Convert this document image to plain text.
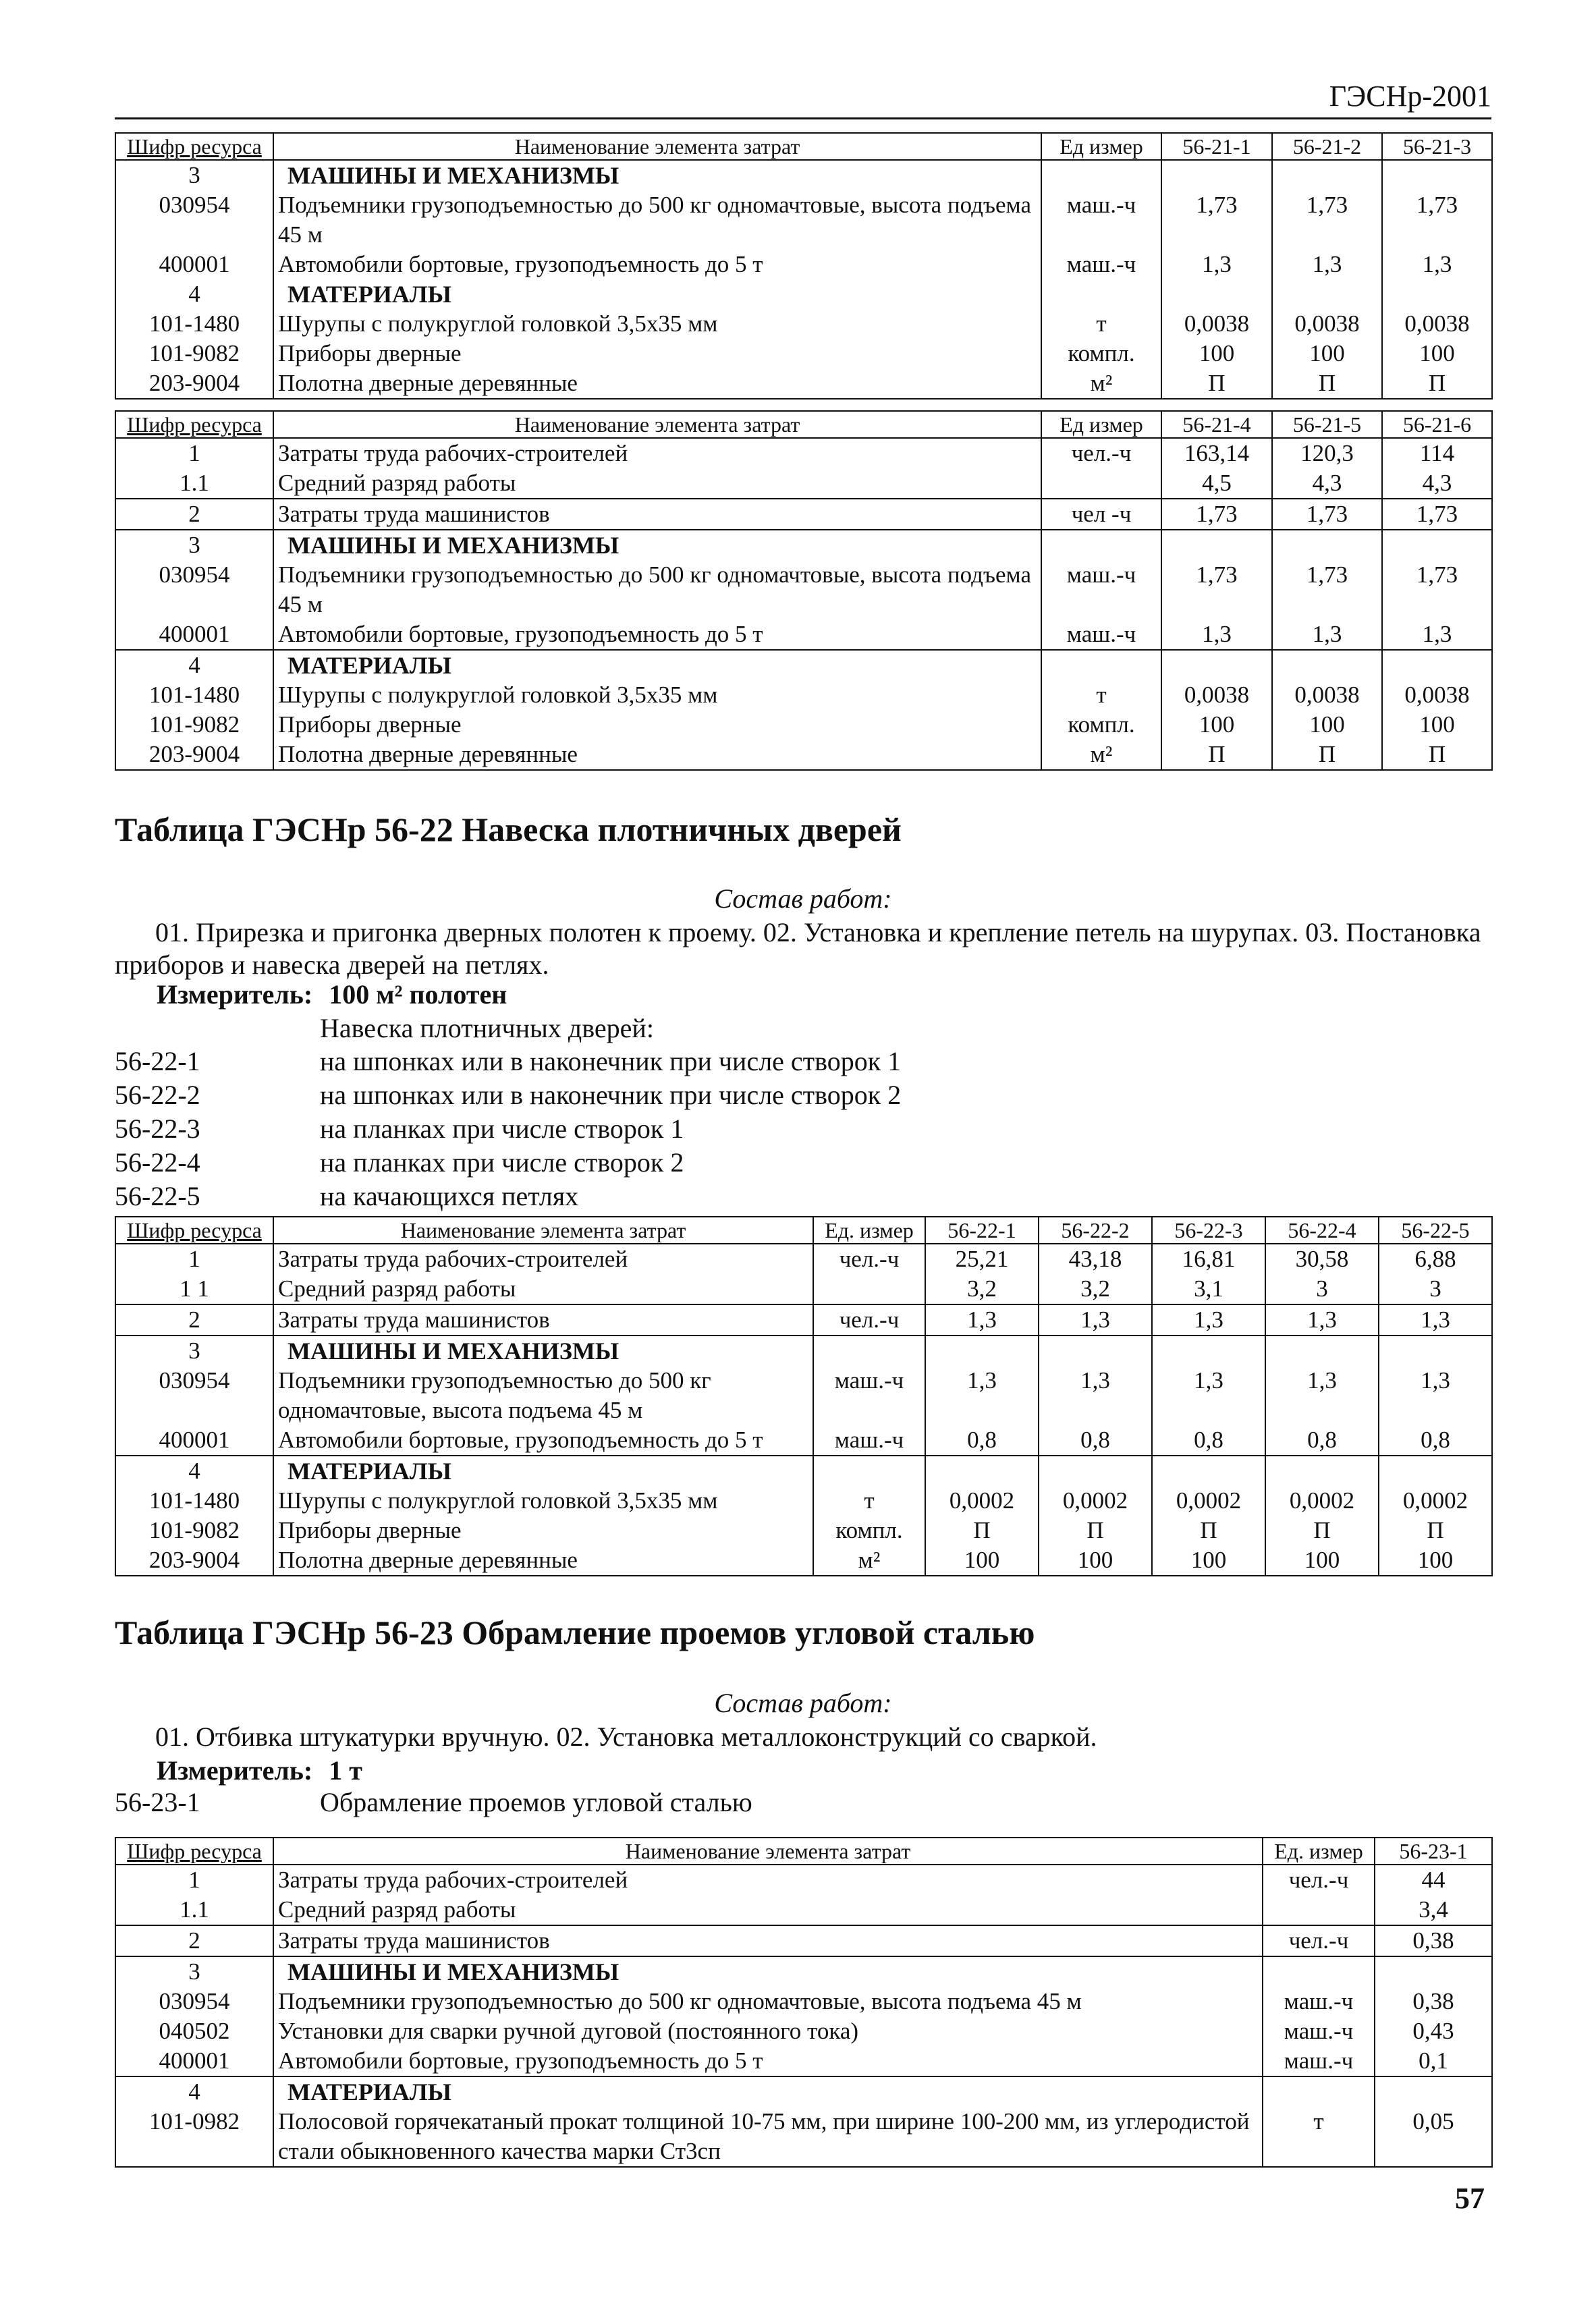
ГЭСНр-2001
Шифр ресурса	Наименование элемента затрат	Ед измер	56-21-1	56-21-2	56-21-3
3	МАШИНЫ И МЕХАНИЗМЫ				
030954	Подъемники грузоподъемностью до 500 кг одномачтовые, высота подъема 45 м	маш.-ч	1,73	1,73	1,73
400001	Автомобили бортовые, грузоподъемность до 5 т	маш.-ч	1,3	1,3	1,3
4	МАТЕРИАЛЫ				
101-1480	Шурупы с полукруглой головкой 3,5х35 мм	т	0,0038	0,0038	0,0038
101-9082	Приборы дверные	компл.	100	100	100
203-9004	Полотна дверные деревянные	м²	П	П	П
Шифр ресурса	Наименование элемента затрат	Ед измер	56-21-4	56-21-5	56-21-6
1	Затраты труда рабочих-строителей	чел.-ч	163,14	120,3	114
1.1	Средний разряд работы		4,5	4,3	4,3
2	Затраты труда машинистов	чел -ч	1,73	1,73	1,73
3	МАШИНЫ И МЕХАНИЗМЫ				
030954	Подъемники грузоподъемностью до 500 кг одномачтовые, высота подъема 45 м	маш.-ч	1,73	1,73	1,73
400001	Автомобили бортовые, грузоподъемность до 5 т	маш.-ч	1,3	1,3	1,3
4	МАТЕРИАЛЫ				
101-1480	Шурупы с полукруглой головкой 3,5х35 мм	т	0,0038	0,0038	0,0038
101-9082	Приборы дверные	компл.	100	100	100
203-9004	Полотна дверные деревянные	м²	П	П	П
Таблица ГЭСНр 56-22 Навеска плотничных дверей
Состав работ:
01. Прирезка и пригонка дверных полотен к проему. 02. Установка и крепление петель на шурупах. 03. Постановка приборов и навеска дверей на петлях.
Измеритель: 100 м² полотен
Навеска плотничных дверей:
56-22-1	на шпонках или в наконечник при числе створок 1
56-22-2	на шпонках или в наконечник при числе створок 2
56-22-3	на планках при числе створок 1
56-22-4	на планках при числе створок 2
56-22-5	на качающихся петлях
Шифр ресурса	Наименование элемента затрат	Ед. измер	56-22-1	56-22-2	56-22-3	56-22-4	56-22-5
1	Затраты труда рабочих-строителей	чел.-ч	25,21	43,18	16,81	30,58	6,88
1 1	Средний разряд работы		3,2	3,2	3,1	3	3
2	Затраты труда машинистов	чел.-ч	1,3	1,3	1,3	1,3	1,3
3	МАШИНЫ И МЕХАНИЗМЫ						
030954	Подъемники грузоподъемностью до 500 кг одномачтовые, высота подъема 45 м	маш.-ч	1,3	1,3	1,3	1,3	1,3
400001	Автомобили бортовые, грузоподъемность до 5 т	маш.-ч	0,8	0,8	0,8	0,8	0,8
4	МАТЕРИАЛЫ						
101-1480	Шурупы с полукруглой головкой 3,5х35 мм	т	0,0002	0,0002	0,0002	0,0002	0,0002
101-9082	Приборы дверные	компл.	П	П	П	П	П
203-9004	Полотна дверные деревянные	м²	100	100	100	100	100
Таблица ГЭСНр 56-23 Обрамление проемов угловой сталью
Состав работ:
01. Отбивка штукатурки вручную. 02. Установка металлоконструкций со сваркой.
Измеритель: 1 т
56-23-1	Обрамление проемов угловой сталью
Шифр ресурса	Наименование элемента затрат	Ед. измер	56-23-1
1	Затраты труда рабочих-строителей	чел.-ч	44
1.1	Средний разряд работы		3,4
2	Затраты труда машинистов	чел.-ч	0,38
3	МАШИНЫ И МЕХАНИЗМЫ		
030954	Подъемники грузоподъемностью до 500 кг одномачтовые, высота подъема 45 м	маш.-ч	0,38
040502	Установки для сварки ручной дуговой (постоянного тока)	маш.-ч	0,43
400001	Автомобили бортовые, грузоподъемность до 5 т	маш.-ч	0,1
4	МАТЕРИАЛЫ		
101-0982	Полосовой горячекатаный прокат толщиной 10-75 мм, при ширине 100-200 мм, из углеродистой стали обыкновенного качества марки Ст3сп	т	0,05
57
